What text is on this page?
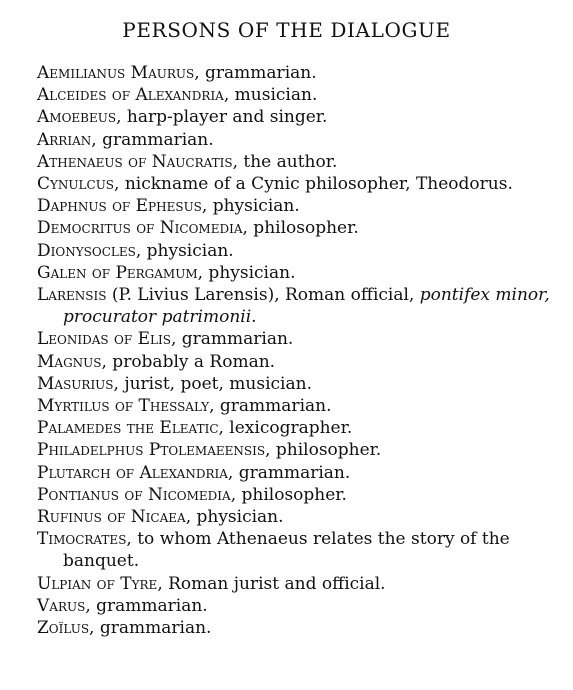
PERSONS OF THE DIALOGUE
Aemilianus Maurus, grammarian.
Alceides of Alexandria, musician.
Amoebeus, harp-player and singer.
Arrian, grammarian.
Athenaeus of Naucratis, the author.
Cynulcus, nickname of a Cynic philosopher, Theodorus.
Daphnus of Ephesus, physician.
Democritus of Nicomedia, philosopher.
Dionysocles, physician.
Galen of Pergamum, physician.
Larensis (P. Livius Larensis), Roman official, pontifex minor, procurator patrimonii.
Leonidas of Elis, grammarian.
Magnus, probably a Roman.
Masurius, jurist, poet, musician.
Myrtilus of Thessaly, grammarian.
Palamedes the Eleatic, lexicographer.
Philadelphus Ptolemaeensis, philosopher.
Plutarch of Alexandria, grammarian.
Pontianus of Nicomedia, philosopher.
Rufinus of Nicaea, physician.
Timocrates, to whom Athenaeus relates the story of the banquet.
Ulpian of Tyre, Roman jurist and official.
Varus, grammarian.
Zoïlus, grammarian.
